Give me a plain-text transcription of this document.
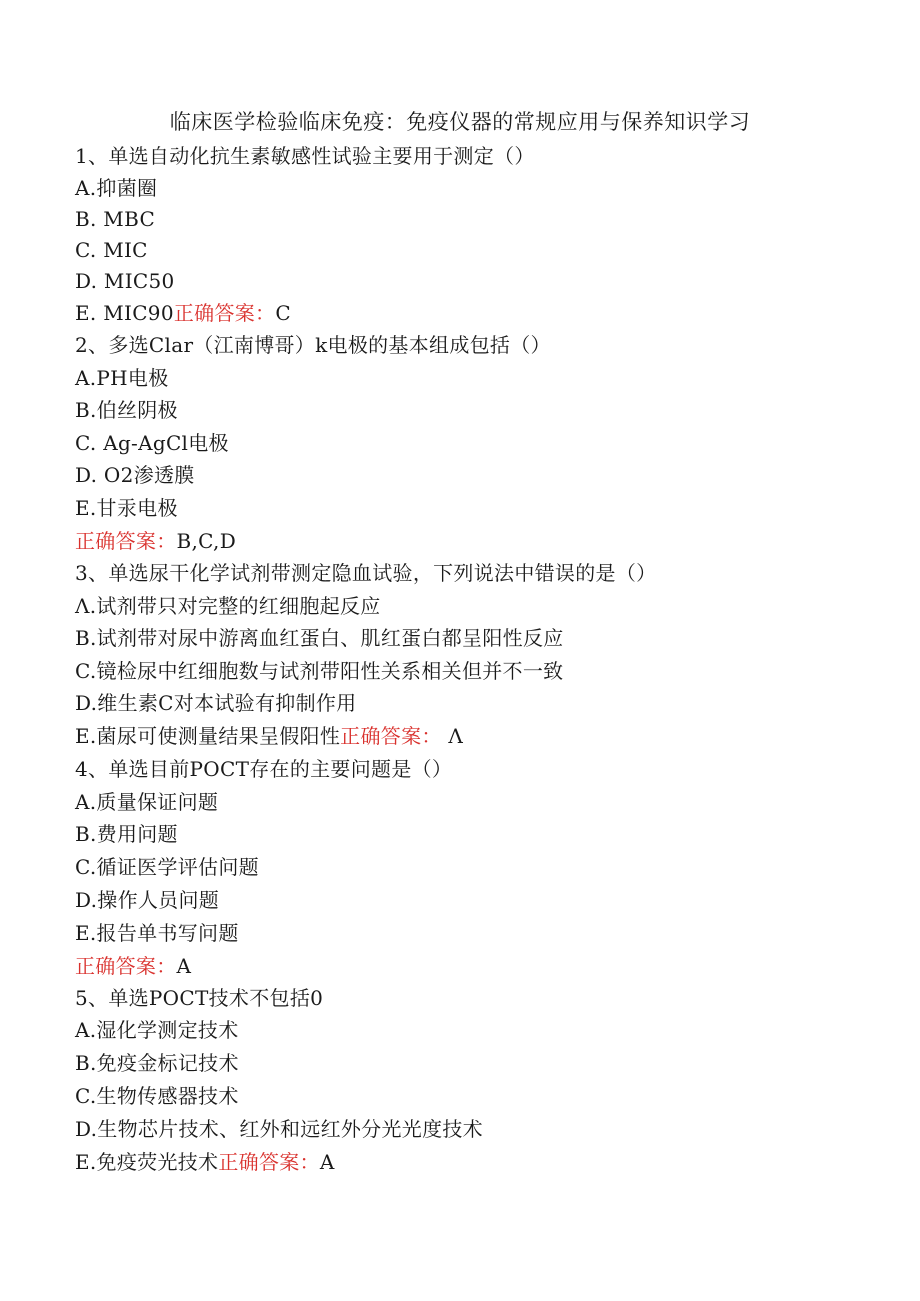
临床医学检验临床免疫：免疫仪器的常规应用与保养知识学习
1、单选自动化抗生素敏感性试验主要用于测定（）
A.抑菌圈
B. MBC
C. MIC
D. MIC50
E. MIC90正确答案：C
2、多选Clar（江南博哥）k电极的基本组成包括（）
A.PH电极
B.伯丝阴极
C. Ag-AgCl电极
D. O2渗透膜
E.甘汞电极
正确答案：B,C,D
3、单选尿干化学试剂带测定隐血试验，下列说法中错误的是（）
Λ.试剂带只对完整的红细胞起反应
B.试剂带对尿中游离血红蛋白、肌红蛋白都呈阳性反应
C.镜检尿中红细胞数与试剂带阳性关系相关但并不一致
D.维生素C对本试验有抑制作用
E.菌尿可使测量结果呈假阳性正确答案： Λ
4、单选目前POCT存在的主要问题是（）
A.质量保证问题
B.费用问题
C.循证医学评估问题
D.操作人员问题
E.报告单书写问题
正确答案：A
5、单选POCT技术不包括0
A.湿化学测定技术
B.免疫金标记技术
C.生物传感器技术
D.生物芯片技术、红外和远红外分光光度技术
E.免疫荧光技术正确答案：A
